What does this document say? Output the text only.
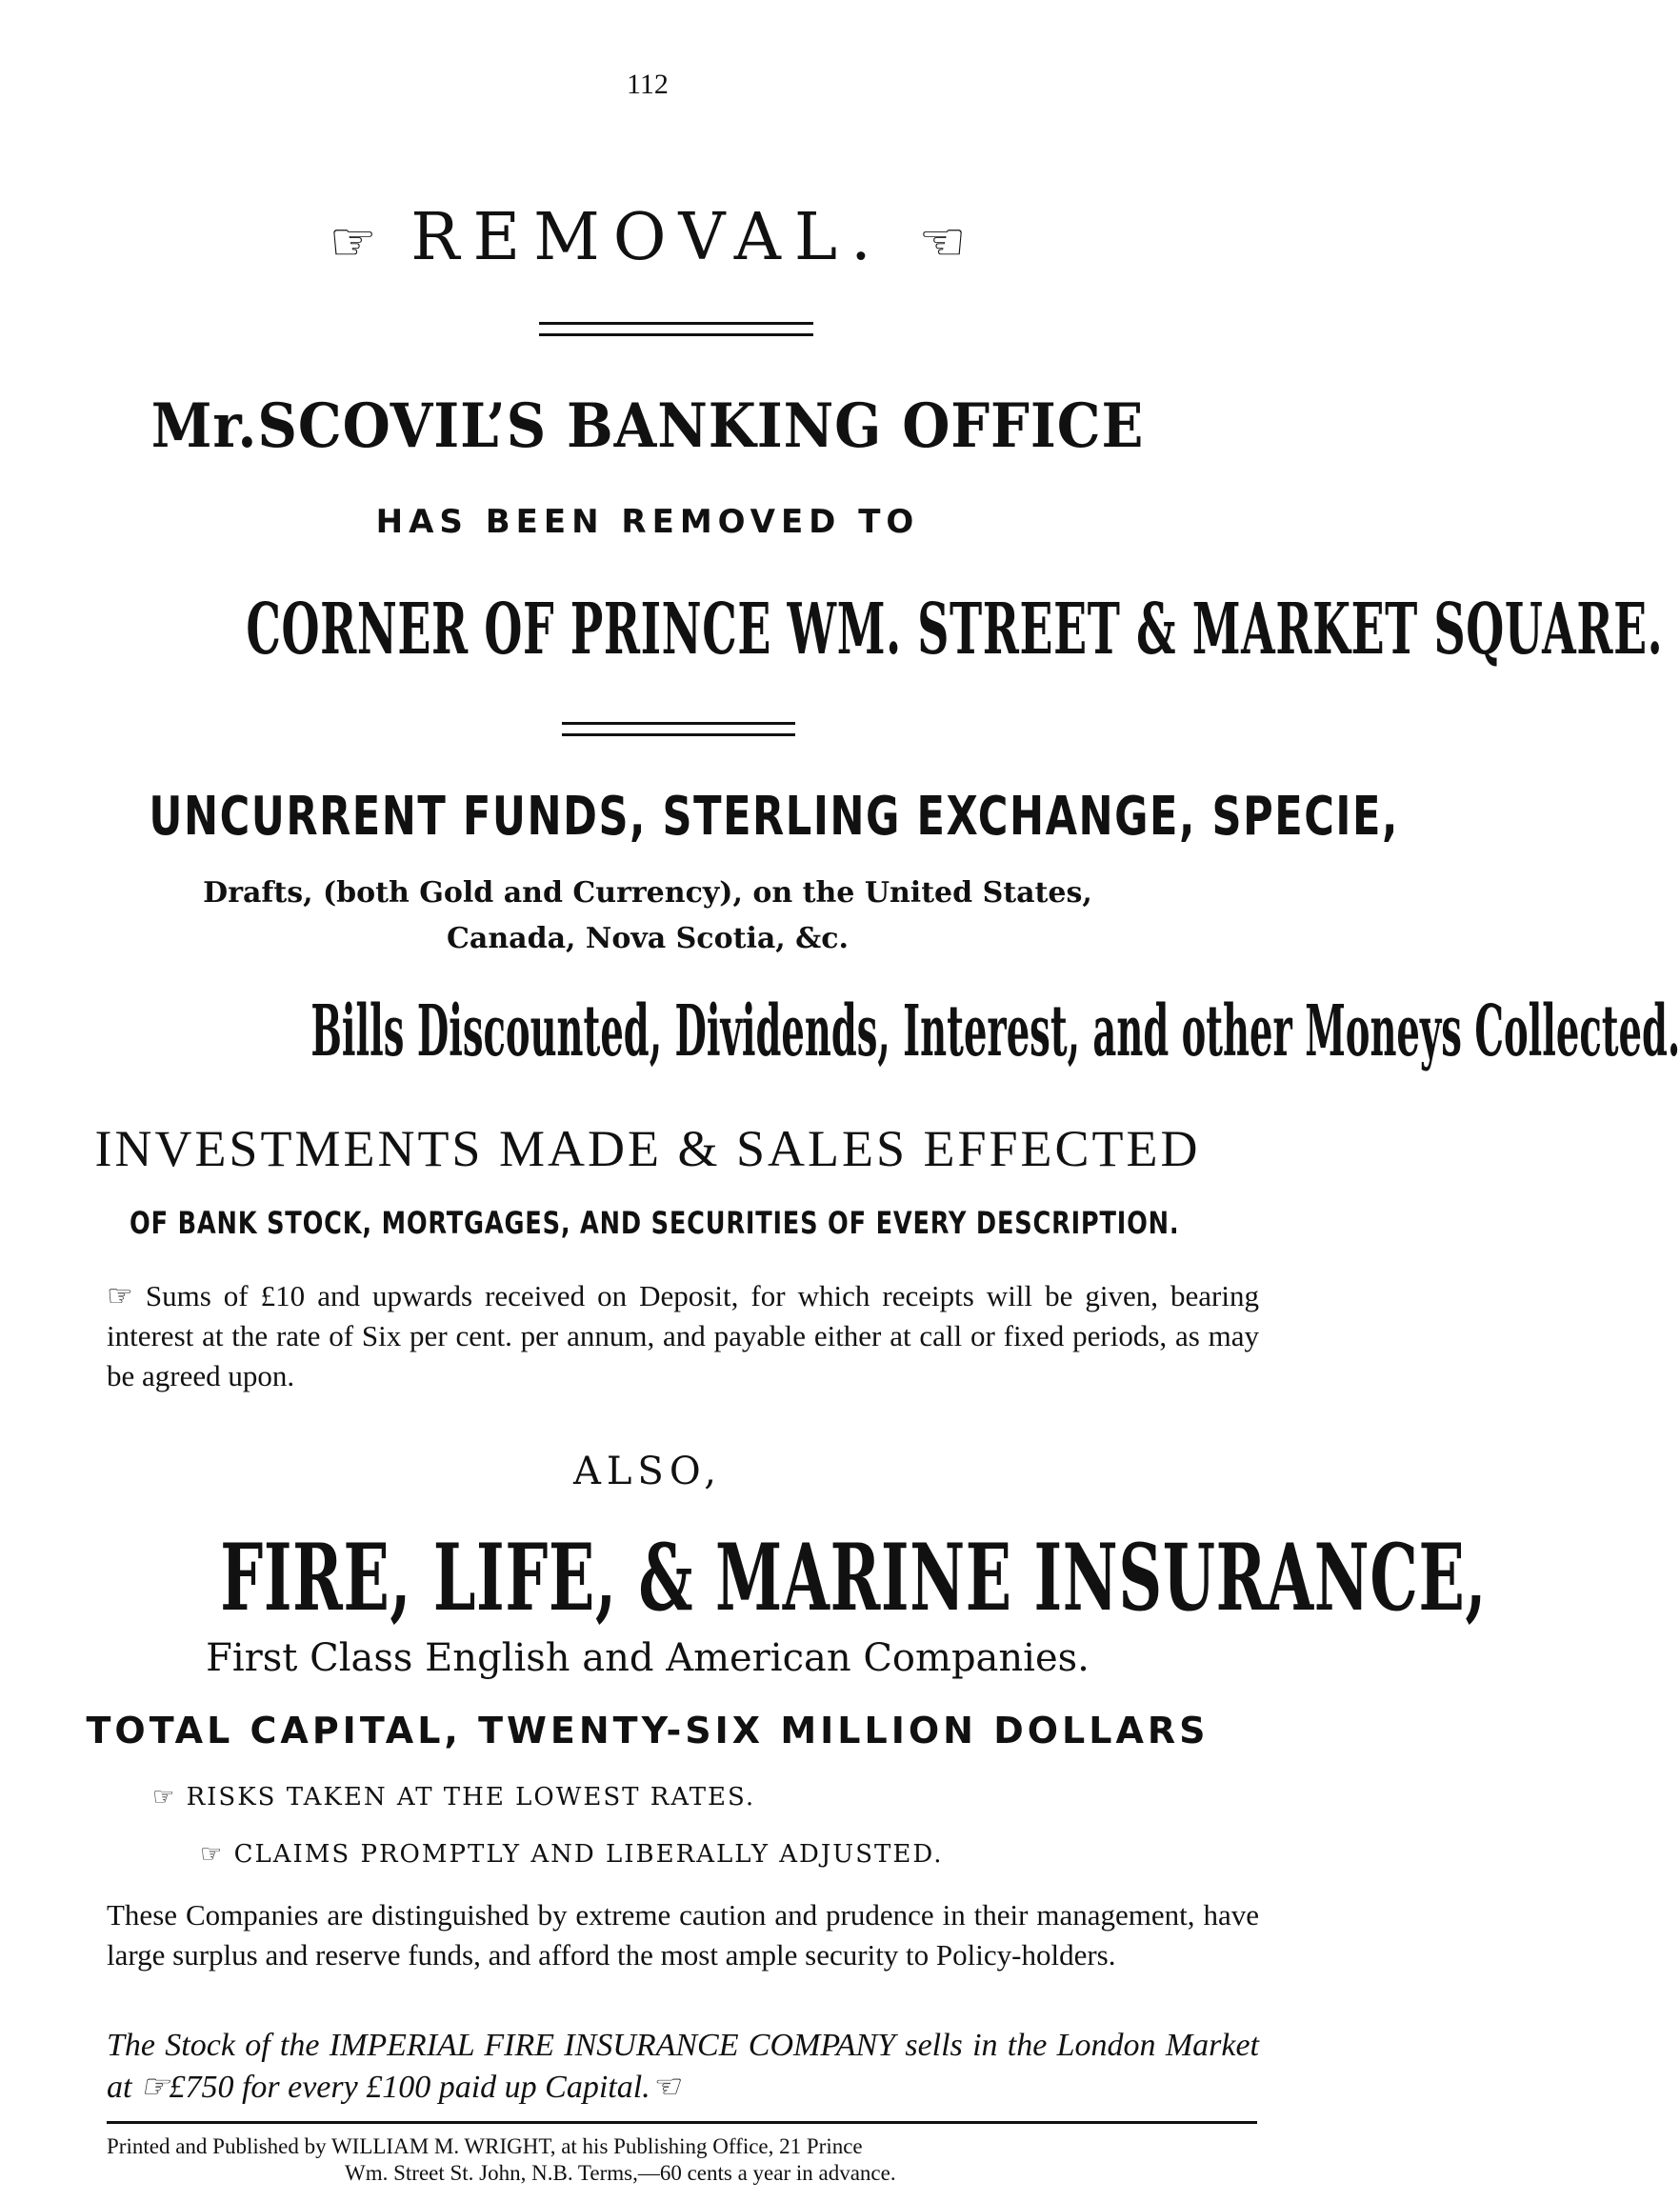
112
☞ REMOVAL. ☜
Mr.SCOVIL’S BANKING OFFICE
HAS BEEN REMOVED TO
CORNER OF PRINCE WM. STREET & MARKET SQUARE.
UNCURRENT FUNDS, STERLING EXCHANGE, SPECIE,
Drafts, (both Gold and Currency), on the United States,
Canada, Nova Scotia, &c.
Bills Discounted, Dividends, Interest, and other Moneys Collected.
INVESTMENTS MADE & SALES EFFECTED
OF BANK STOCK, MORTGAGES, AND SECURITIES OF EVERY DESCRIPTION.
☞ Sums of £10 and upwards received on Deposit, for which receipts will be given, bearing interest at the rate of Six per cent. per annum, and payable either at call or fixed periods, as may be agreed upon.
ALSO,
FIRE, LIFE, & MARINE INSURANCE,
First Class English and American Companies.
TOTAL CAPITAL, TWENTY-SIX MILLION DOLLARS
☞ RISKS TAKEN AT THE LOWEST RATES.
☞ CLAIMS PROMPTLY AND LIBERALLY ADJUSTED.
These Companies are distinguished by extreme caution and prudence in their management, have large surplus and reserve funds, and afford the most ample security to Policy-holders.
The Stock of the IMPERIAL FIRE INSURANCE COMPANY sells in the London Market at ☞£750 for every £100 paid up Capital.☜
Printed and Published by WILLIAM M. WRIGHT, at his Publishing Office, 21 Prince
Wm. Street St. John, N.B. Terms,—60 cents a year in advance.
